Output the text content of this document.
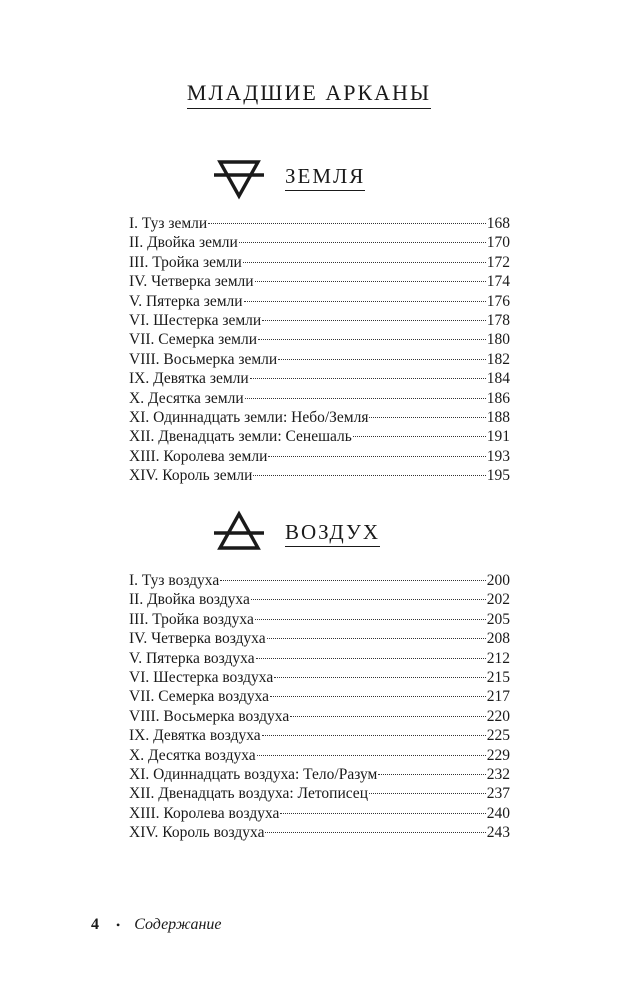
МЛАДШИЕ АРКАНЫ
ЗЕМЛЯ
I. Туз земли	168
II. Двойка земли	170
III. Тройка земли	172
IV. Четверка земли	174
V. Пятерка земли	176
VI. Шестерка земли	178
VII. Семерка земли	180
VIII. Восьмерка земли	182
IX. Девятка земли	184
X. Десятка земли	186
XI. Одиннадцать земли: Небо/Земля	188
XII. Двенадцать земли: Сенешаль	191
XIII. Королева земли	193
XIV. Король земли	195
ВОЗДУХ
I. Туз воздуха	200
II. Двойка воздуха	202
III. Тройка воздуха	205
IV. Четверка воздуха	208
V. Пятерка воздуха	212
VI. Шестерка воздуха	215
VII. Семерка воздуха	217
VIII. Восьмерка воздуха	220
IX. Девятка воздуха	225
X. Десятка воздуха	229
XI. Одиннадцать воздуха: Тело/Разум	232
XII. Двенадцать воздуха: Летописец	237
XIII. Королева воздуха	240
XIV. Король воздуха	243
4 • Содержание
